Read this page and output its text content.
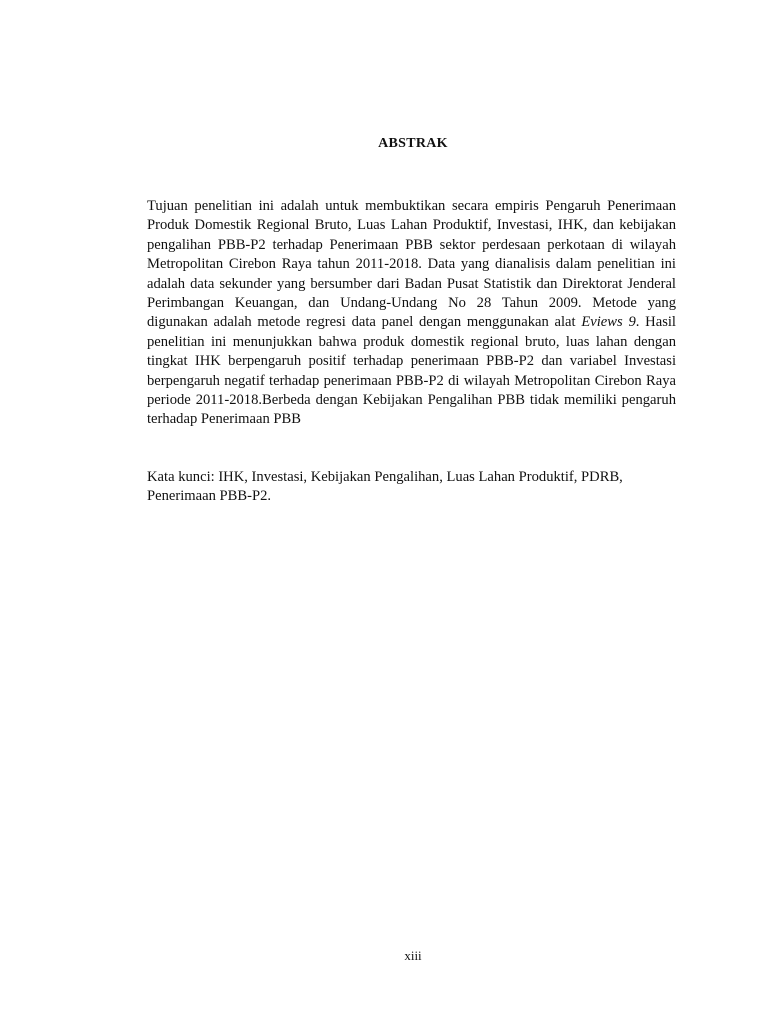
ABSTRAK

Tujuan penelitian ini adalah untuk membuktikan secara empiris Pengaruh Penerimaan Produk Domestik Regional Bruto, Luas Lahan Produktif, Investasi, IHK, dan kebijakan pengalihan PBB-P2 terhadap Penerimaan PBB sektor perdesaan perkotaan di wilayah Metropolitan Cirebon Raya tahun 2011-2018. Data yang dianalisis dalam penelitian ini adalah data sekunder yang bersumber dari Badan Pusat Statistik dan Direktorat Jenderal Perimbangan Keuangan, dan Undang-Undang No 28 Tahun 2009. Metode yang digunakan adalah metode regresi data panel dengan menggunakan alat Eviews 9. Hasil penelitian ini menunjukkan bahwa produk domestik regional bruto, luas lahan dengan tingkat IHK berpengaruh positif terhadap penerimaan PBB-P2 dan variabel Investasi berpengaruh negatif terhadap penerimaan PBB-P2 di wilayah Metropolitan Cirebon Raya periode 2011-2018.Berbeda dengan Kebijakan Pengalihan PBB tidak memiliki pengaruh terhadap Penerimaan PBB

Kata kunci: IHK, Investasi, Kebijakan Pengalihan, Luas Lahan Produktif, PDRB, Penerimaan PBB-P2.

xiii
